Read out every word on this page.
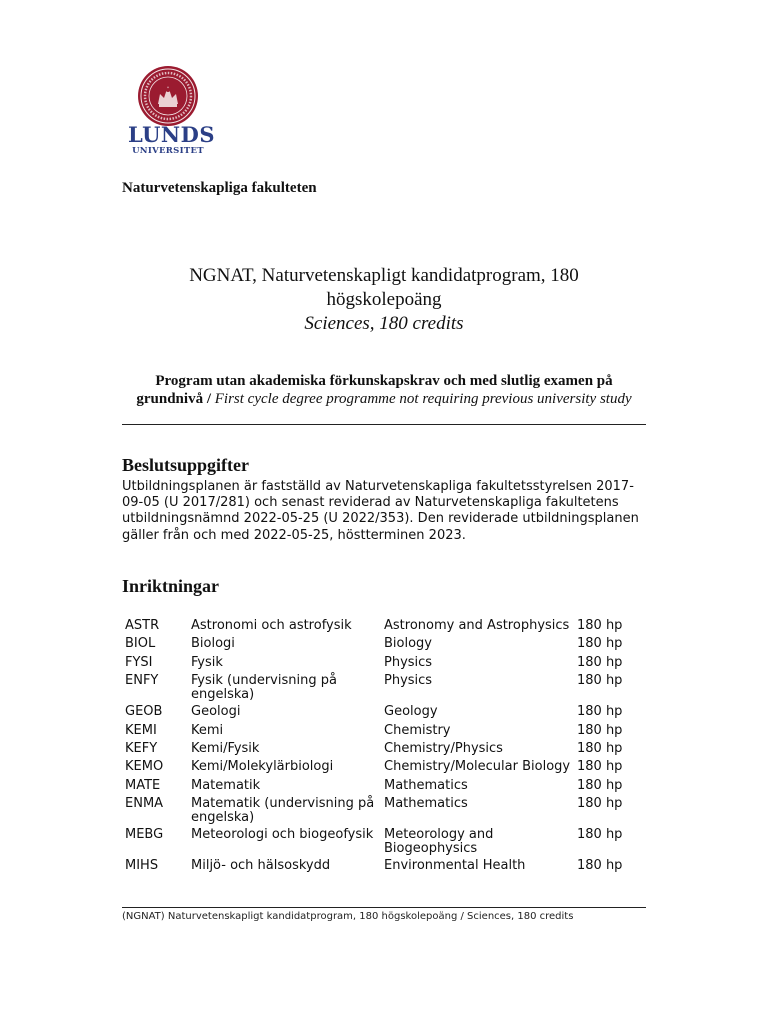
LUNDS
UNIVERSITET
Naturvetenskapliga fakulteten
NGNAT, Naturvetenskapligt kandidatprogram, 180 högskolepoäng
Sciences, 180 credits
Program utan akademiska förkunskapskrav och med slutlig examen på grundnivå / First cycle degree programme not requiring previous university study
Beslutsuppgifter
Utbildningsplanen är fastställd av Naturvetenskapliga fakultetsstyrelsen 2017-09-05 (U 2017/281) och senast reviderad av Naturvetenskapliga fakultetens utbildningsnämnd 2022-05-25 (U 2022/353). Den reviderade utbildningsplanen gäller från och med 2022-05-25, höstterminen 2023.
Inriktningar
ASTR	Astronomi och astrofysik	Astronomy and Astrophysics	180 hp
BIOL	Biologi	Biology	180 hp
FYSI	Fysik	Physics	180 hp
ENFY	Fysik (undervisning på engelska)	Physics	180 hp
GEOB	Geologi	Geology	180 hp
KEMI	Kemi	Chemistry	180 hp
KEFY	Kemi/Fysik	Chemistry/Physics	180 hp
KEMO	Kemi/Molekylärbiologi	Chemistry/Molecular Biology	180 hp
MATE	Matematik	Mathematics	180 hp
ENMA	Matematik (undervisning på engelska)	Mathematics	180 hp
MEBG	Meteorologi och biogeofysik	Meteorology and Biogeophysics	180 hp
MIHS	Miljö- och hälsoskydd	Environmental Health	180 hp
(NGNAT) Naturvetenskapligt kandidatprogram, 180 högskolepoäng / Sciences, 180 credits
